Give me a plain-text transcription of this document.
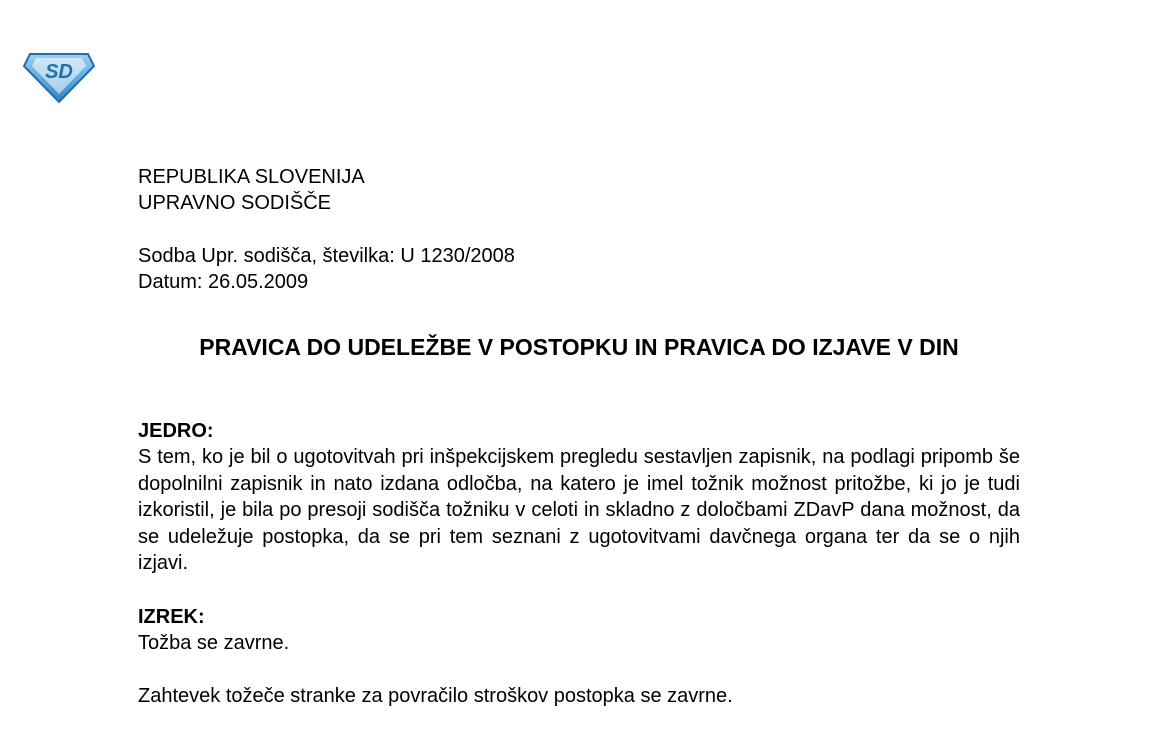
SD

REPUBLIKA SLOVENIJA

UPRAVNO SODIŠČE

Sodba Upr. sodišča, številka: U 1230/2008

Datum: 26.05.2009

PRAVICA DO UDELEŽBE V POSTOPKU IN PRAVICA DO IZJAVE V DIN

JEDRO:

S tem, ko je bil o ugotovitvah pri inšpekcijskem pregledu sestavljen zapisnik, na podlagi pripomb še dopolnilni zapisnik in nato izdana odločba, na katero je imel tožnik možnost pritožbe, ki jo je tudi izkoristil, je bila po presoji sodišča tožniku v celoti in skladno z določbami ZDavP dana možnost, da se udeležuje postopka, da se pri tem seznani z ugotovitvami davčnega organa ter da se o njih izjavi.

IZREK:

Tožba se zavrne.

Zahtevek tožeče stranke za povračilo stroškov postopka se zavrne.
